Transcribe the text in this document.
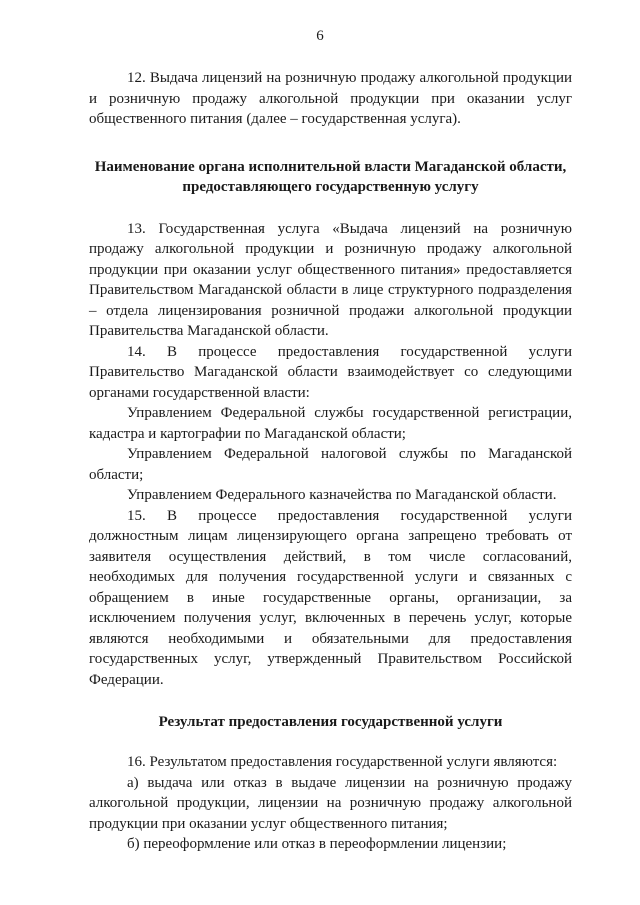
6

12. Выдача лицензий на розничную продажу алкогольной продукции и розничную продажу алкогольной продукции при оказании услуг общественного питания (далее – государственная услуга).

Наименование органа исполнительной власти Магаданской области,
предоставляющего государственную услугу

13. Государственная услуга «Выдача лицензий на розничную продажу алкогольной продукции и розничную продажу алкогольной продукции при оказании услуг общественного питания» предоставляется Правительством Магаданской области в лице структурного подразделения – отдела лицензирования розничной продажи алкогольной продукции Правительства Магаданской области.

14. В процессе предоставления государственной услуги Правительство Магаданской области взаимодействует со следующими органами государственной власти:

Управлением Федеральной службы государственной регистрации, кадастра и картографии по Магаданской области;

Управлением Федеральной налоговой службы по Магаданской области;

Управлением Федерального казначейства по Магаданской области.

15. В процессе предоставления государственной услуги должностным лицам лицензирующего органа запрещено требовать от заявителя осуществления действий, в том числе согласований, необходимых для получения государственной услуги и связанных с обращением в иные государственные органы, организации, за исключением получения услуг, включенных в перечень услуг, которые являются необходимыми и обязательными для предоставления государственных услуг, утвержденный Правительством Российской Федерации.

Результат предоставления государственной услуги

16. Результатом предоставления государственной услуги являются:

а) выдача или отказ в выдаче лицензии на розничную продажу алкогольной продукции, лицензии на розничную продажу алкогольной продукции при оказании услуг общественного питания;

б) переоформление или отказ в переоформлении лицензии;
